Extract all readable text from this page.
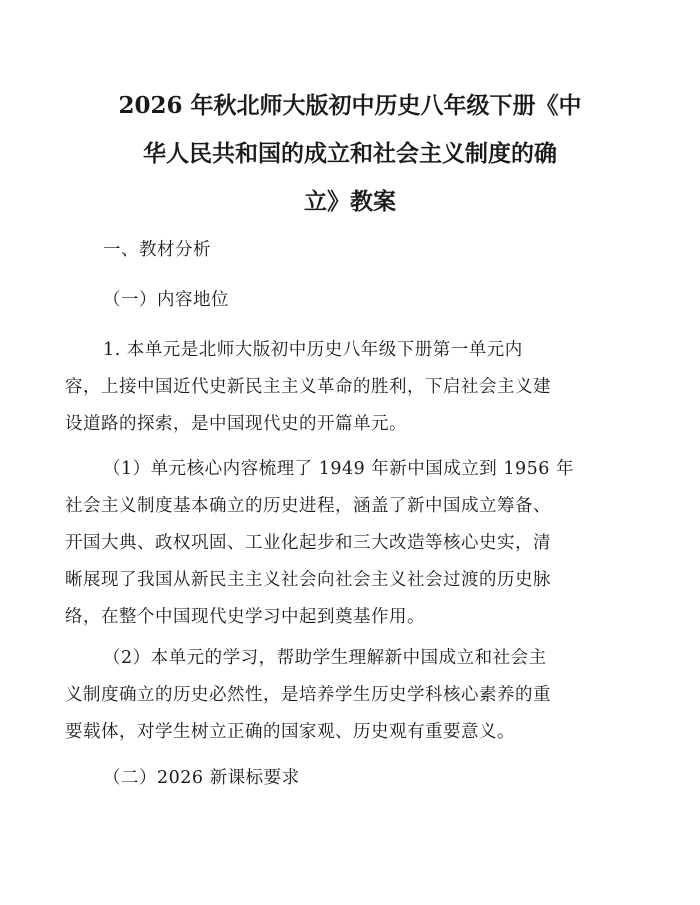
2026 年秋北师大版初中历史八年级下册《中
华人民共和国的成立和社会主义制度的确
立》教案
一、教材分析
（一）内容地位
1. 本单元是北师大版初中历史八年级下册第一单元内
容，上接中国近代史新民主主义革命的胜利，下启社会主义建
设道路的探索，是中国现代史的开篇单元。
（1）单元核心内容梳理了 1949 年新中国成立到 1956 年
社会主义制度基本确立的历史进程，涵盖了新中国成立筹备、
开国大典、政权巩固、工业化起步和三大改造等核心史实，清
晰展现了我国从新民主主义社会向社会主义社会过渡的历史脉
络，在整个中国现代史学习中起到奠基作用。
（2）本单元的学习，帮助学生理解新中国成立和社会主
义制度确立的历史必然性，是培养学生历史学科核心素养的重
要载体，对学生树立正确的国家观、历史观有重要意义。
（二）2026 新课标要求
